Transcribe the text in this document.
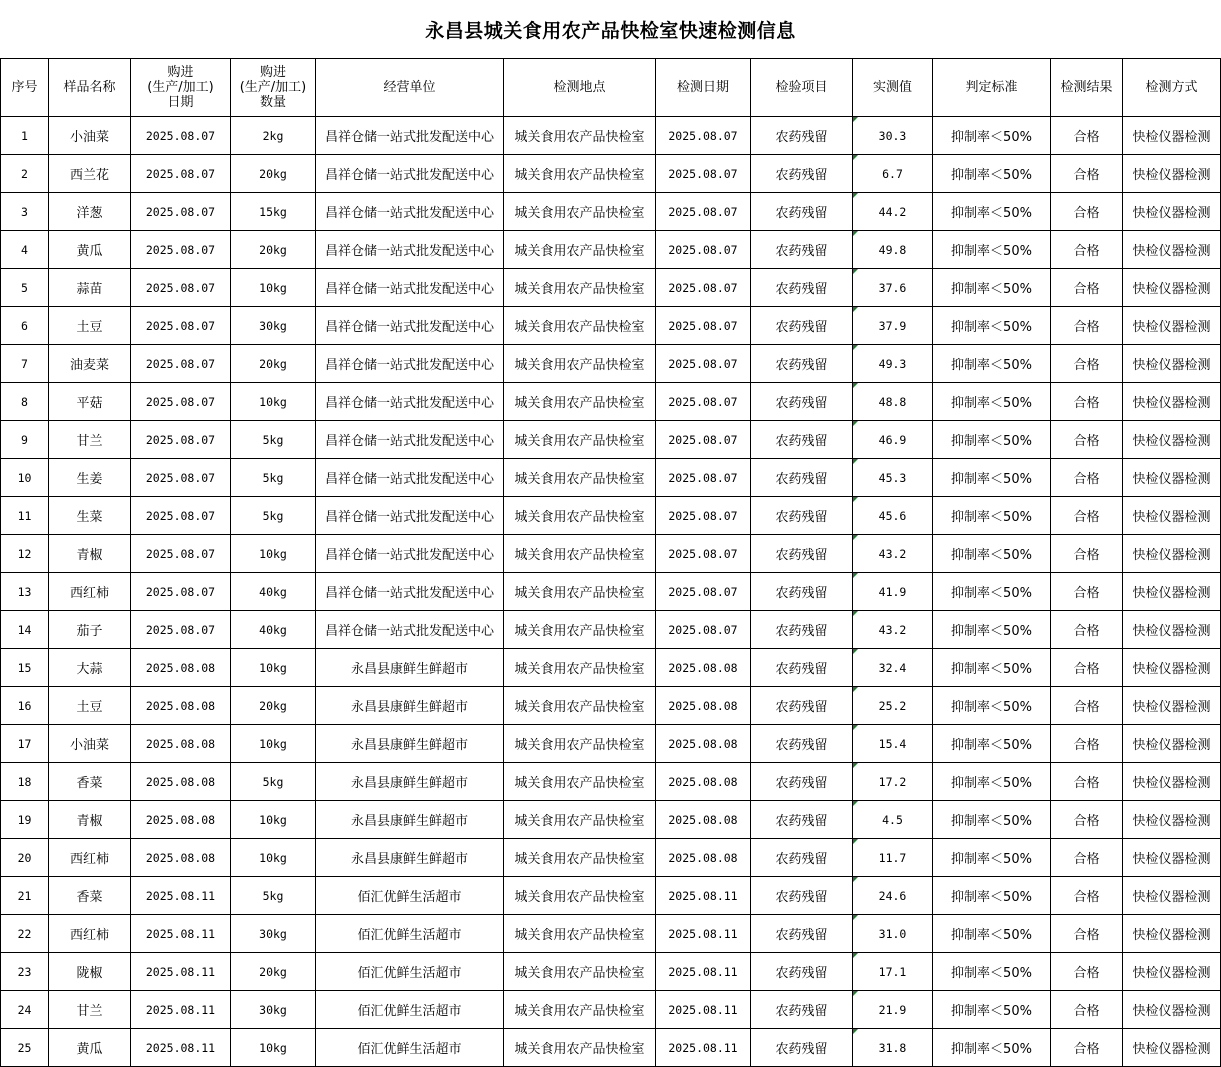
永昌县城关食用农产品快检室快速检测信息
序号	样品名称	购进
(生产/加工)
日期	购进
(生产/加工)
数量	经营单位	检测地点	检测日期	检验项目	实测值	判定标准	检测结果	检测方式
1	小油菜	2025.08.07	2kg	昌祥仓储一站式批发配送中心	城关食用农产品快检室	2025.08.07	农药残留	30.3	抑制率＜50%	合格	快检仪器检测
2	西兰花	2025.08.07	20kg	昌祥仓储一站式批发配送中心	城关食用农产品快检室	2025.08.07	农药残留	6.7	抑制率＜50%	合格	快检仪器检测
3	洋葱	2025.08.07	15kg	昌祥仓储一站式批发配送中心	城关食用农产品快检室	2025.08.07	农药残留	44.2	抑制率＜50%	合格	快检仪器检测
4	黄瓜	2025.08.07	20kg	昌祥仓储一站式批发配送中心	城关食用农产品快检室	2025.08.07	农药残留	49.8	抑制率＜50%	合格	快检仪器检测
5	蒜苗	2025.08.07	10kg	昌祥仓储一站式批发配送中心	城关食用农产品快检室	2025.08.07	农药残留	37.6	抑制率＜50%	合格	快检仪器检测
6	土豆	2025.08.07	30kg	昌祥仓储一站式批发配送中心	城关食用农产品快检室	2025.08.07	农药残留	37.9	抑制率＜50%	合格	快检仪器检测
7	油麦菜	2025.08.07	20kg	昌祥仓储一站式批发配送中心	城关食用农产品快检室	2025.08.07	农药残留	49.3	抑制率＜50%	合格	快检仪器检测
8	平菇	2025.08.07	10kg	昌祥仓储一站式批发配送中心	城关食用农产品快检室	2025.08.07	农药残留	48.8	抑制率＜50%	合格	快检仪器检测
9	甘兰	2025.08.07	5kg	昌祥仓储一站式批发配送中心	城关食用农产品快检室	2025.08.07	农药残留	46.9	抑制率＜50%	合格	快检仪器检测
10	生姜	2025.08.07	5kg	昌祥仓储一站式批发配送中心	城关食用农产品快检室	2025.08.07	农药残留	45.3	抑制率＜50%	合格	快检仪器检测
11	生菜	2025.08.07	5kg	昌祥仓储一站式批发配送中心	城关食用农产品快检室	2025.08.07	农药残留	45.6	抑制率＜50%	合格	快检仪器检测
12	青椒	2025.08.07	10kg	昌祥仓储一站式批发配送中心	城关食用农产品快检室	2025.08.07	农药残留	43.2	抑制率＜50%	合格	快检仪器检测
13	西红柿	2025.08.07	40kg	昌祥仓储一站式批发配送中心	城关食用农产品快检室	2025.08.07	农药残留	41.9	抑制率＜50%	合格	快检仪器检测
14	茄子	2025.08.07	40kg	昌祥仓储一站式批发配送中心	城关食用农产品快检室	2025.08.07	农药残留	43.2	抑制率＜50%	合格	快检仪器检测
15	大蒜	2025.08.08	10kg	永昌县康鲜生鲜超市	城关食用农产品快检室	2025.08.08	农药残留	32.4	抑制率＜50%	合格	快检仪器检测
16	土豆	2025.08.08	20kg	永昌县康鲜生鲜超市	城关食用农产品快检室	2025.08.08	农药残留	25.2	抑制率＜50%	合格	快检仪器检测
17	小油菜	2025.08.08	10kg	永昌县康鲜生鲜超市	城关食用农产品快检室	2025.08.08	农药残留	15.4	抑制率＜50%	合格	快检仪器检测
18	香菜	2025.08.08	5kg	永昌县康鲜生鲜超市	城关食用农产品快检室	2025.08.08	农药残留	17.2	抑制率＜50%	合格	快检仪器检测
19	青椒	2025.08.08	10kg	永昌县康鲜生鲜超市	城关食用农产品快检室	2025.08.08	农药残留	4.5	抑制率＜50%	合格	快检仪器检测
20	西红柿	2025.08.08	10kg	永昌县康鲜生鲜超市	城关食用农产品快检室	2025.08.08	农药残留	11.7	抑制率＜50%	合格	快检仪器检测
21	香菜	2025.08.11	5kg	佰汇优鲜生活超市	城关食用农产品快检室	2025.08.11	农药残留	24.6	抑制率＜50%	合格	快检仪器检测
22	西红柿	2025.08.11	30kg	佰汇优鲜生活超市	城关食用农产品快检室	2025.08.11	农药残留	31.0	抑制率＜50%	合格	快检仪器检测
23	陇椒	2025.08.11	20kg	佰汇优鲜生活超市	城关食用农产品快检室	2025.08.11	农药残留	17.1	抑制率＜50%	合格	快检仪器检测
24	甘兰	2025.08.11	30kg	佰汇优鲜生活超市	城关食用农产品快检室	2025.08.11	农药残留	21.9	抑制率＜50%	合格	快检仪器检测
25	黄瓜	2025.08.11	10kg	佰汇优鲜生活超市	城关食用农产品快检室	2025.08.11	农药残留	31.8	抑制率＜50%	合格	快检仪器检测
